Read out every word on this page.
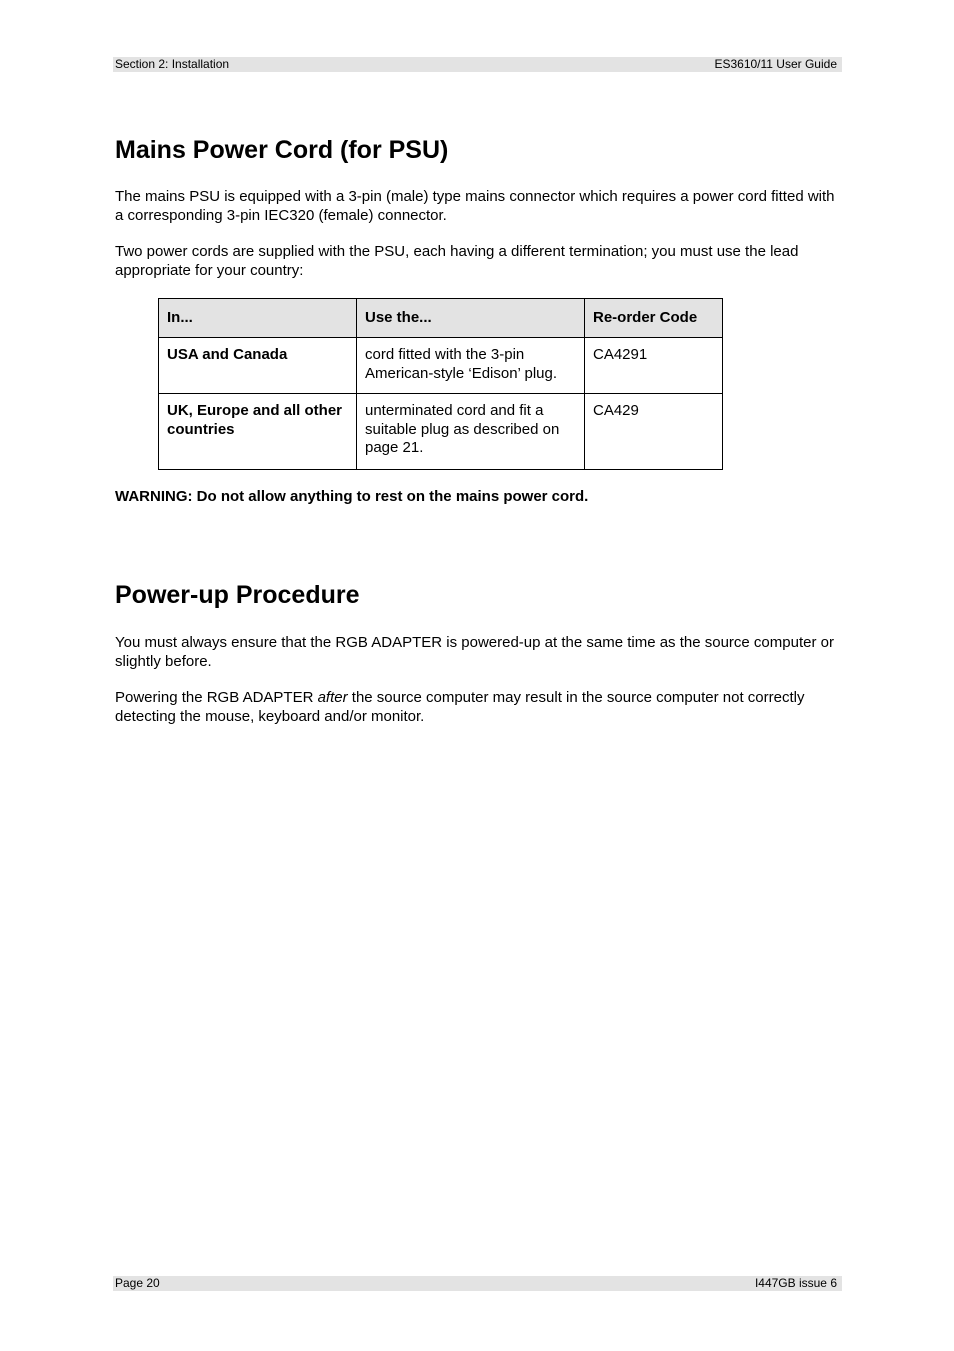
Section 2: Installation	ES3610/11 User Guide
Mains Power Cord (for PSU)

The mains PSU is equipped with a 3-pin (male) type mains connector which requires a power cord fitted with a corresponding 3-pin IEC320 (female) connector.

Two power cords are supplied with the PSU, each having a different termination; you must use the lead appropriate for your country:

In...	Use the...	Re-order Code
USA and Canada	cord fitted with the 3-pin American-style ‘Edison’ plug.	CA4291
UK, Europe and all other countries	unterminated cord and fit a suitable plug as described on page 21.	CA429

WARNING: Do not allow anything to rest on the mains power cord.

Power-up Procedure

You must always ensure that the RGB ADAPTER is powered-up at the same time as the source computer or slightly before.

Powering the RGB ADAPTER after the source computer may result in the source computer not correctly detecting the mouse, keyboard and/or monitor.

Page 20	I447GB issue 6
